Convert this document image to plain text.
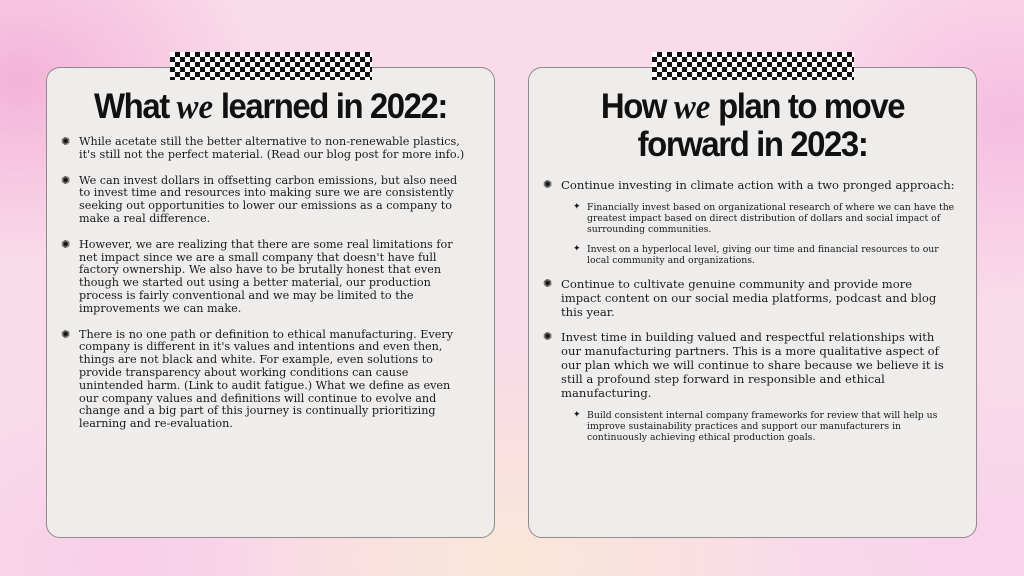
What we learned in 2022:
✺ While acetate still the better alternative to non-renewable plastics, it's still not the perfect material. (Read our blog post for more info.)
✺ We can invest dollars in offsetting carbon emissions, but also need to invest time and resources into making sure we are consistently seeking out opportunities to lower our emissions as a company to make a real difference.
✺ However, we are realizing that there are some real limitations for net impact since we are a small company that doesn't have full factory ownership. We also have to be brutally honest that even though we started out using a better material, our production process is fairly conventional and we may be limited to the improvements we can make.
✺ There is no one path or definition to ethical manufacturing. Every company is different in it's values and intentions and even then, things are not black and white. For example, even solutions to provide transparency about working conditions can cause unintended harm. (Link to audit fatigue.) What we define as even our company values and definitions will continue to evolve and change and a big part of this journey is continually prioritizing learning and re-evaluation.
How we plan to move forward in 2023:
✺ Continue investing in climate action with a two pronged approach:
✦ Financially invest based on organizational research of where we can have the greatest impact based on direct distribution of dollars and social impact of surrounding communities.
✦ Invest on a hyperlocal level, giving our time and financial resources to our local community and organizations.
✺ Continue to cultivate genuine community and provide more impact content on our social media platforms, podcast and blog this year.
✺ Invest time in building valued and respectful relationships with our manufacturing partners. This is a more qualitative aspect of our plan which we will continue to share because we believe it is still a profound step forward in responsible and ethical manufacturing.
✦ Build consistent internal company frameworks for review that will help us improve sustainability practices and support our manufacturers in continuously achieving ethical production goals.
